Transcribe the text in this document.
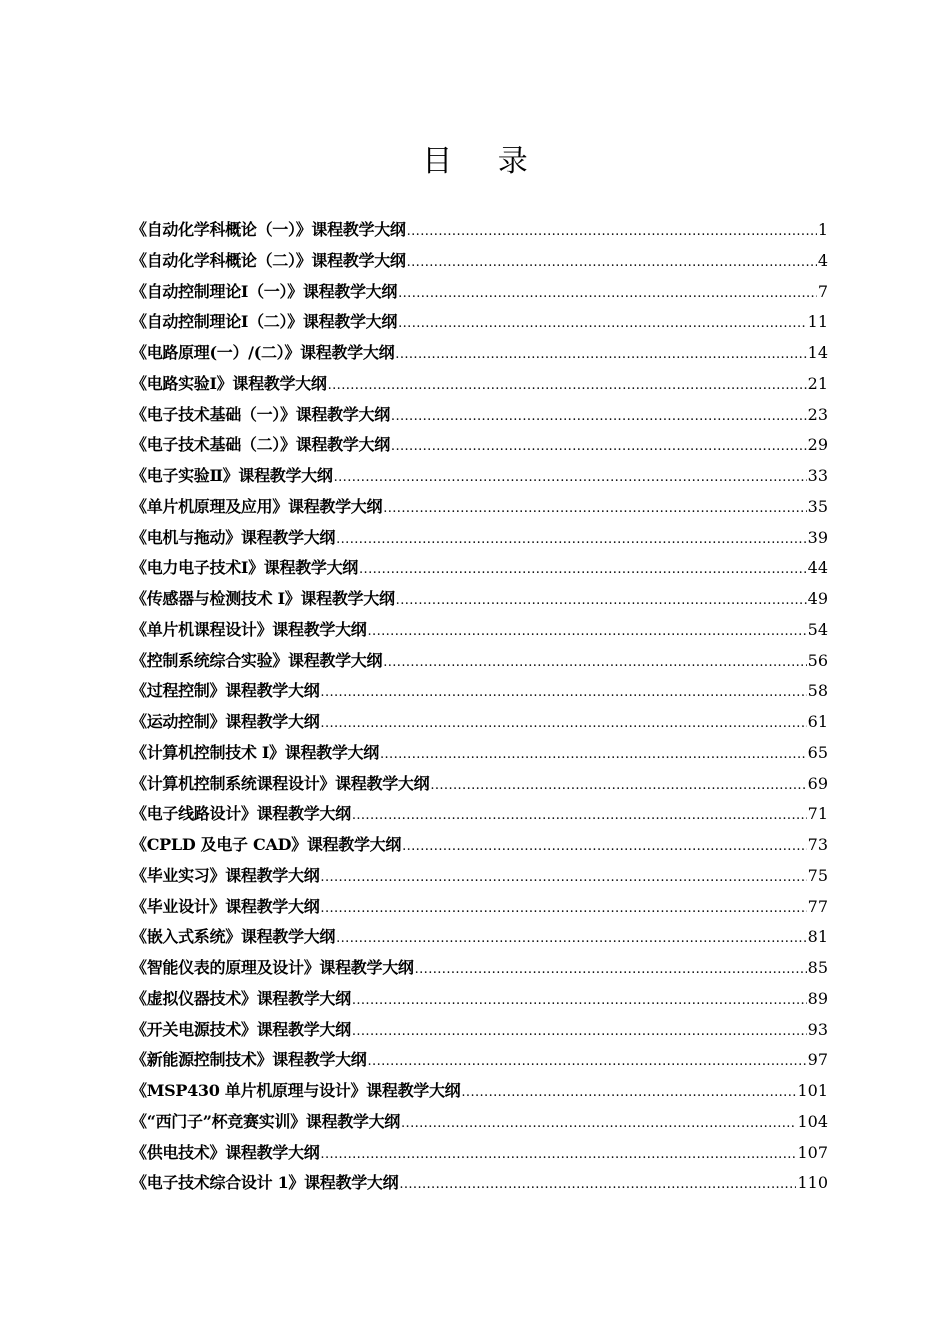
目 录
《自动化学科概论（一）》课程教学大纲 .....	1
《自动化学科概论（二）》课程教学大纲 .....	4
《自动控制理论Ⅰ（一）》课程教学大纲 .....	7
《自动控制理论Ⅰ（二）》课程教学大纲 .....	11
《电路原理(一）/(二）》课程教学大纲 .....	14
《电路实验Ⅰ》课程教学大纲 .....	21
《电子技术基础（一）》课程教学大纲 .....	23
《电子技术基础（二）》课程教学大纲 .....	29
《电子实验Ⅱ》课程教学大纲 .....	33
《单片机原理及应用》课程教学大纲 .....	35
《电机与拖动》课程教学大纲 .....	39
《电力电子技术Ⅰ》课程教学大纲 .....	44
《传感器与检测技术 I》课程教学大纲 .....	49
《单片机课程设计》课程教学大纲 .....	54
《控制系统综合实验》课程教学大纲 .....	56
《过程控制》课程教学大纲 .....	58
《运动控制》课程教学大纲 .....	61
《计算机控制技术 I》课程教学大纲 .....	65
《计算机控制系统课程设计》课程教学大纲 .....	69
《电子线路设计》课程教学大纲 .....	71
《CPLD 及电子 CAD》课程教学大纲 .....	73
《毕业实习》课程教学大纲 .....	75
《毕业设计》课程教学大纲 .....	77
《嵌入式系统》课程教学大纲 .....	81
《智能仪表的原理及设计》课程教学大纲 .....	85
《虚拟仪器技术》课程教学大纲 .....	89
《开关电源技术》课程教学大纲 .....	93
《新能源控制技术》课程教学大纲 .....	97
《MSP430 单片机原理与设计》课程教学大纲 .....	101
《“西门子”杯竞赛实训》课程教学大纲 .....	104
《供电技术》课程教学大纲 .....	107
《电子技术综合设计 1》课程教学大纲 .....	110
